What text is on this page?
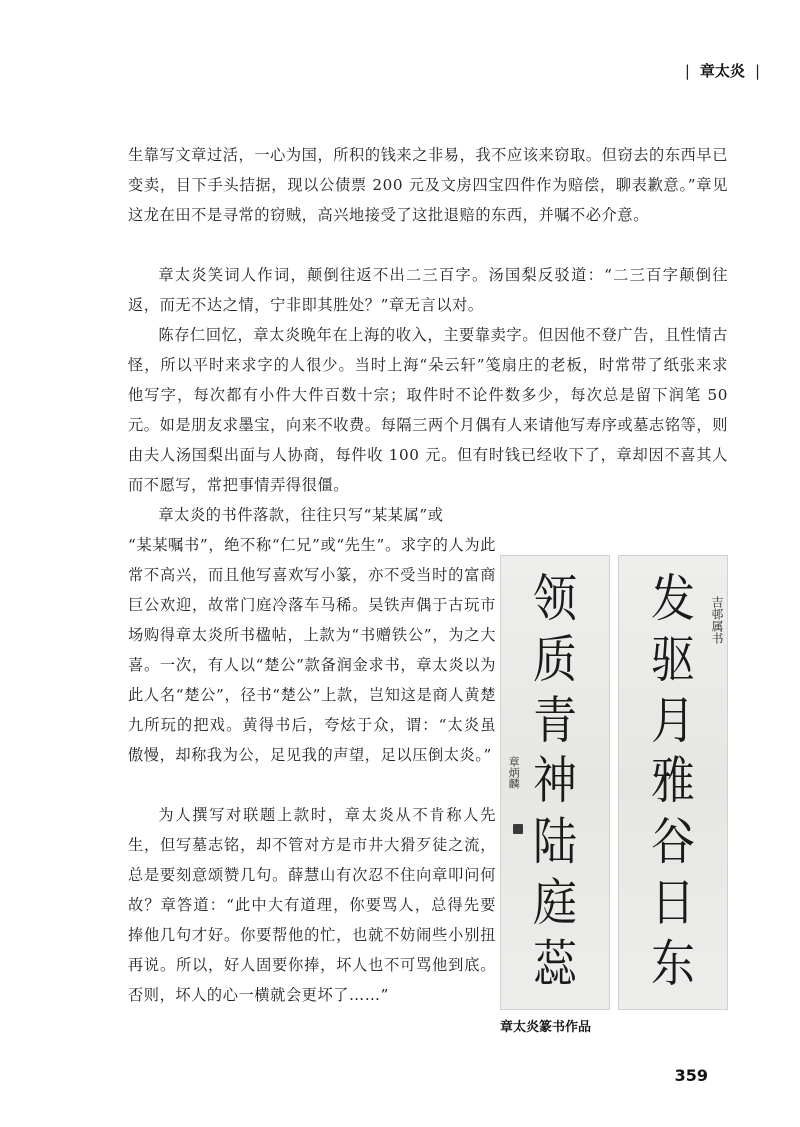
| 章太炎 |

生靠写文章过活，一心为国，所积的钱来之非易，我不应该来窃取。但窃去的东西早已变卖，目下手头拮据，现以公债票 200 元及文房四宝四件作为赔偿，聊表歉意。”章见这龙在田不是寻常的窃贼，高兴地接受了这批退赔的东西，并嘱不必介意。

章太炎笑词人作词，颠倒往返不出二三百字。汤国梨反驳道：“二三百字颠倒往返，而无不达之情，宁非即其胜处？”章无言以对。

陈存仁回忆，章太炎晚年在上海的收入，主要靠卖字。但因他不登广告，且性情古怪，所以平时来求字的人很少。当时上海“朵云轩”笺扇庄的老板，时常带了纸张来求他写字，每次都有小件大件百数十宗；取件时不论件数多少，每次总是留下润笔 50 元。如是朋友求墨宝，向来不收费。每隔三两个月偶有人来请他写寿序或墓志铭等，则由夫人汤国梨出面与人协商，每件收 100 元。但有时钱已经收下了，章却因不喜其人而不愿写，常把事情弄得很僵。

章太炎的书件落款，往往只写“某某属”或

“某某嘱书”，绝不称“仁兄”或“先生”。求字的人为此常不高兴，而且他写喜欢写小篆，亦不受当时的富商巨公欢迎，故常门庭冷落车马稀。吴铁声偶于古玩市场购得章太炎所书楹帖，上款为“书赠铁公”，为之大喜。一次，有人以“楚公”款备润金求书，章太炎以为此人名“楚公”，径书“楚公”上款，岂知这是商人黄楚九所玩的把戏。黄得书后，夸炫于众，谓：“太炎虽傲慢，却称我为公，足见我的声望，足以压倒太炎。”

为人撰写对联题上款时，章太炎从不肯称人先生，但写墓志铭，却不管对方是市井大猾歹徒之流，总是要刻意颂赞几句。薛慧山有次忍不住向章叩问何故？章答道：“此中大有道理，你要骂人，总得先要捧他几句才好。你要帮他的忙，也就不妨闹些小别扭再说。所以，好人固要你捧，坏人也不可骂他到底。否则，坏人的心一横就会更坏了……”

章炳麟
领
质
青
神
陆
庭
蕊
吉邨属书
发
驱
月
雅
谷
日
东
章太炎篆书作品
359
